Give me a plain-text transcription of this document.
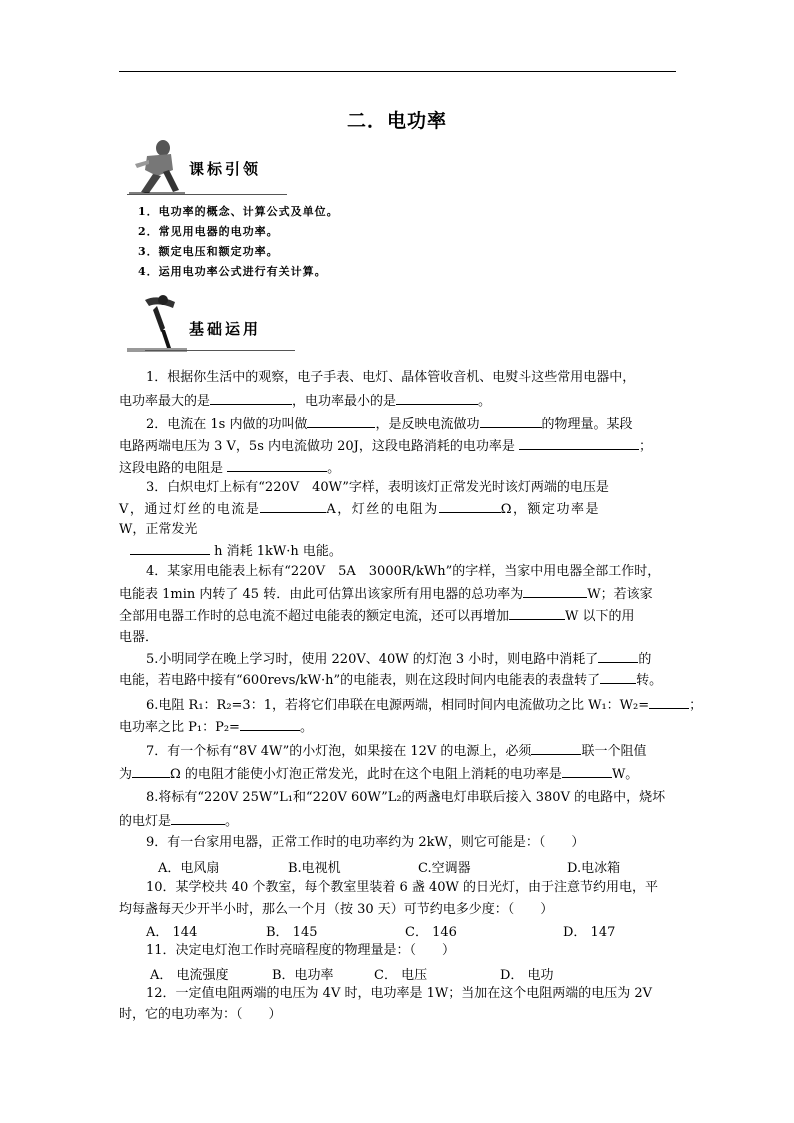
二．电功率
课标引领
1．电功率的概念、计算公式及单位。
2．常见用电器的电功率。
3．额定电压和额定功率。
4．运用电功率公式进行有关计算。
基础运用
1．根据你生活中的观察，电子手表、电灯、晶体管收音机、电熨斗这些常用电器中，
电功率最大的是	，电功率最小的是	。
2．电流在 1s 内做的功叫做	，是反映电流做功	的物理量。某段
电路两端电压为 3 V，5s 内电流做功 20J，这段电路消耗的电功率是	；
这段电路的电阻是	。
3．白炽电灯上标有“220V　40W”字样，表明该灯正常发光时该灯两端的电压是
V，通过灯丝的电流是	A，灯丝的电阻为	Ω，额定功率是
W，正常发光
h 消耗 1kW·h 电能。
4．某家用电能表上标有“220V　5A　3000R/kWh”的字样，当家中用电器全部工作时，
电能表 1min 内转了 45 转．由此可估算出该家所有用电器的总功率为	W；若该家
全部用电器工作时的总电流不超过电能表的额定电流，还可以再增加	W 以下的用
电器．
5.小明同学在晚上学习时，使用 220V、40W 的灯泡 3 小时，则电路中消耗了	的
电能，若电路中接有“600revs/kW·h”的电能表，则在这段时间内电能表的表盘转了	转。
6.电阻 R₁：R₂=3：1，若将它们串联在电源两端，相同时间内电流做功之比 W₁：W₂=	；
电功率之比 P₁：P₂=	。
7．有一个标有“8V 4W”的小灯泡，如果接在 12V 的电源上，必须	联一个阻值
为	Ω 的电阻才能使小灯泡正常发光，此时在这个电阻上消耗的电功率是	W。
8.将标有“220V 25W”L₁和“220V 60W”L₂的两盏电灯串联后接入 380V 的电路中，烧坏
的电灯是	。
9．有一台家用电器，正常工作时的电功率约为 2kW，则它可能是：（　　）
A．电风扇	B.电视机	C.空调器	D.电冰箱
10．某学校共 40 个教室，每个教室里装着 6 盏 40W 的日光灯，由于注意节约用电，平
均每盏每天少开半小时，那么一个月（按 30 天）可节约电多少度：（　　）
A． 144	B． 145	C． 146	D． 147
11．决定电灯泡工作时亮暗程度的物理量是：（　　）
A． 电流强度	B．电功率	C． 电压	D． 电功
12．一定值电阻两端的电压为 4V 时，电功率是 1W；当加在这个电阻两端的电压为 2V
时，它的电功率为：（　　）
